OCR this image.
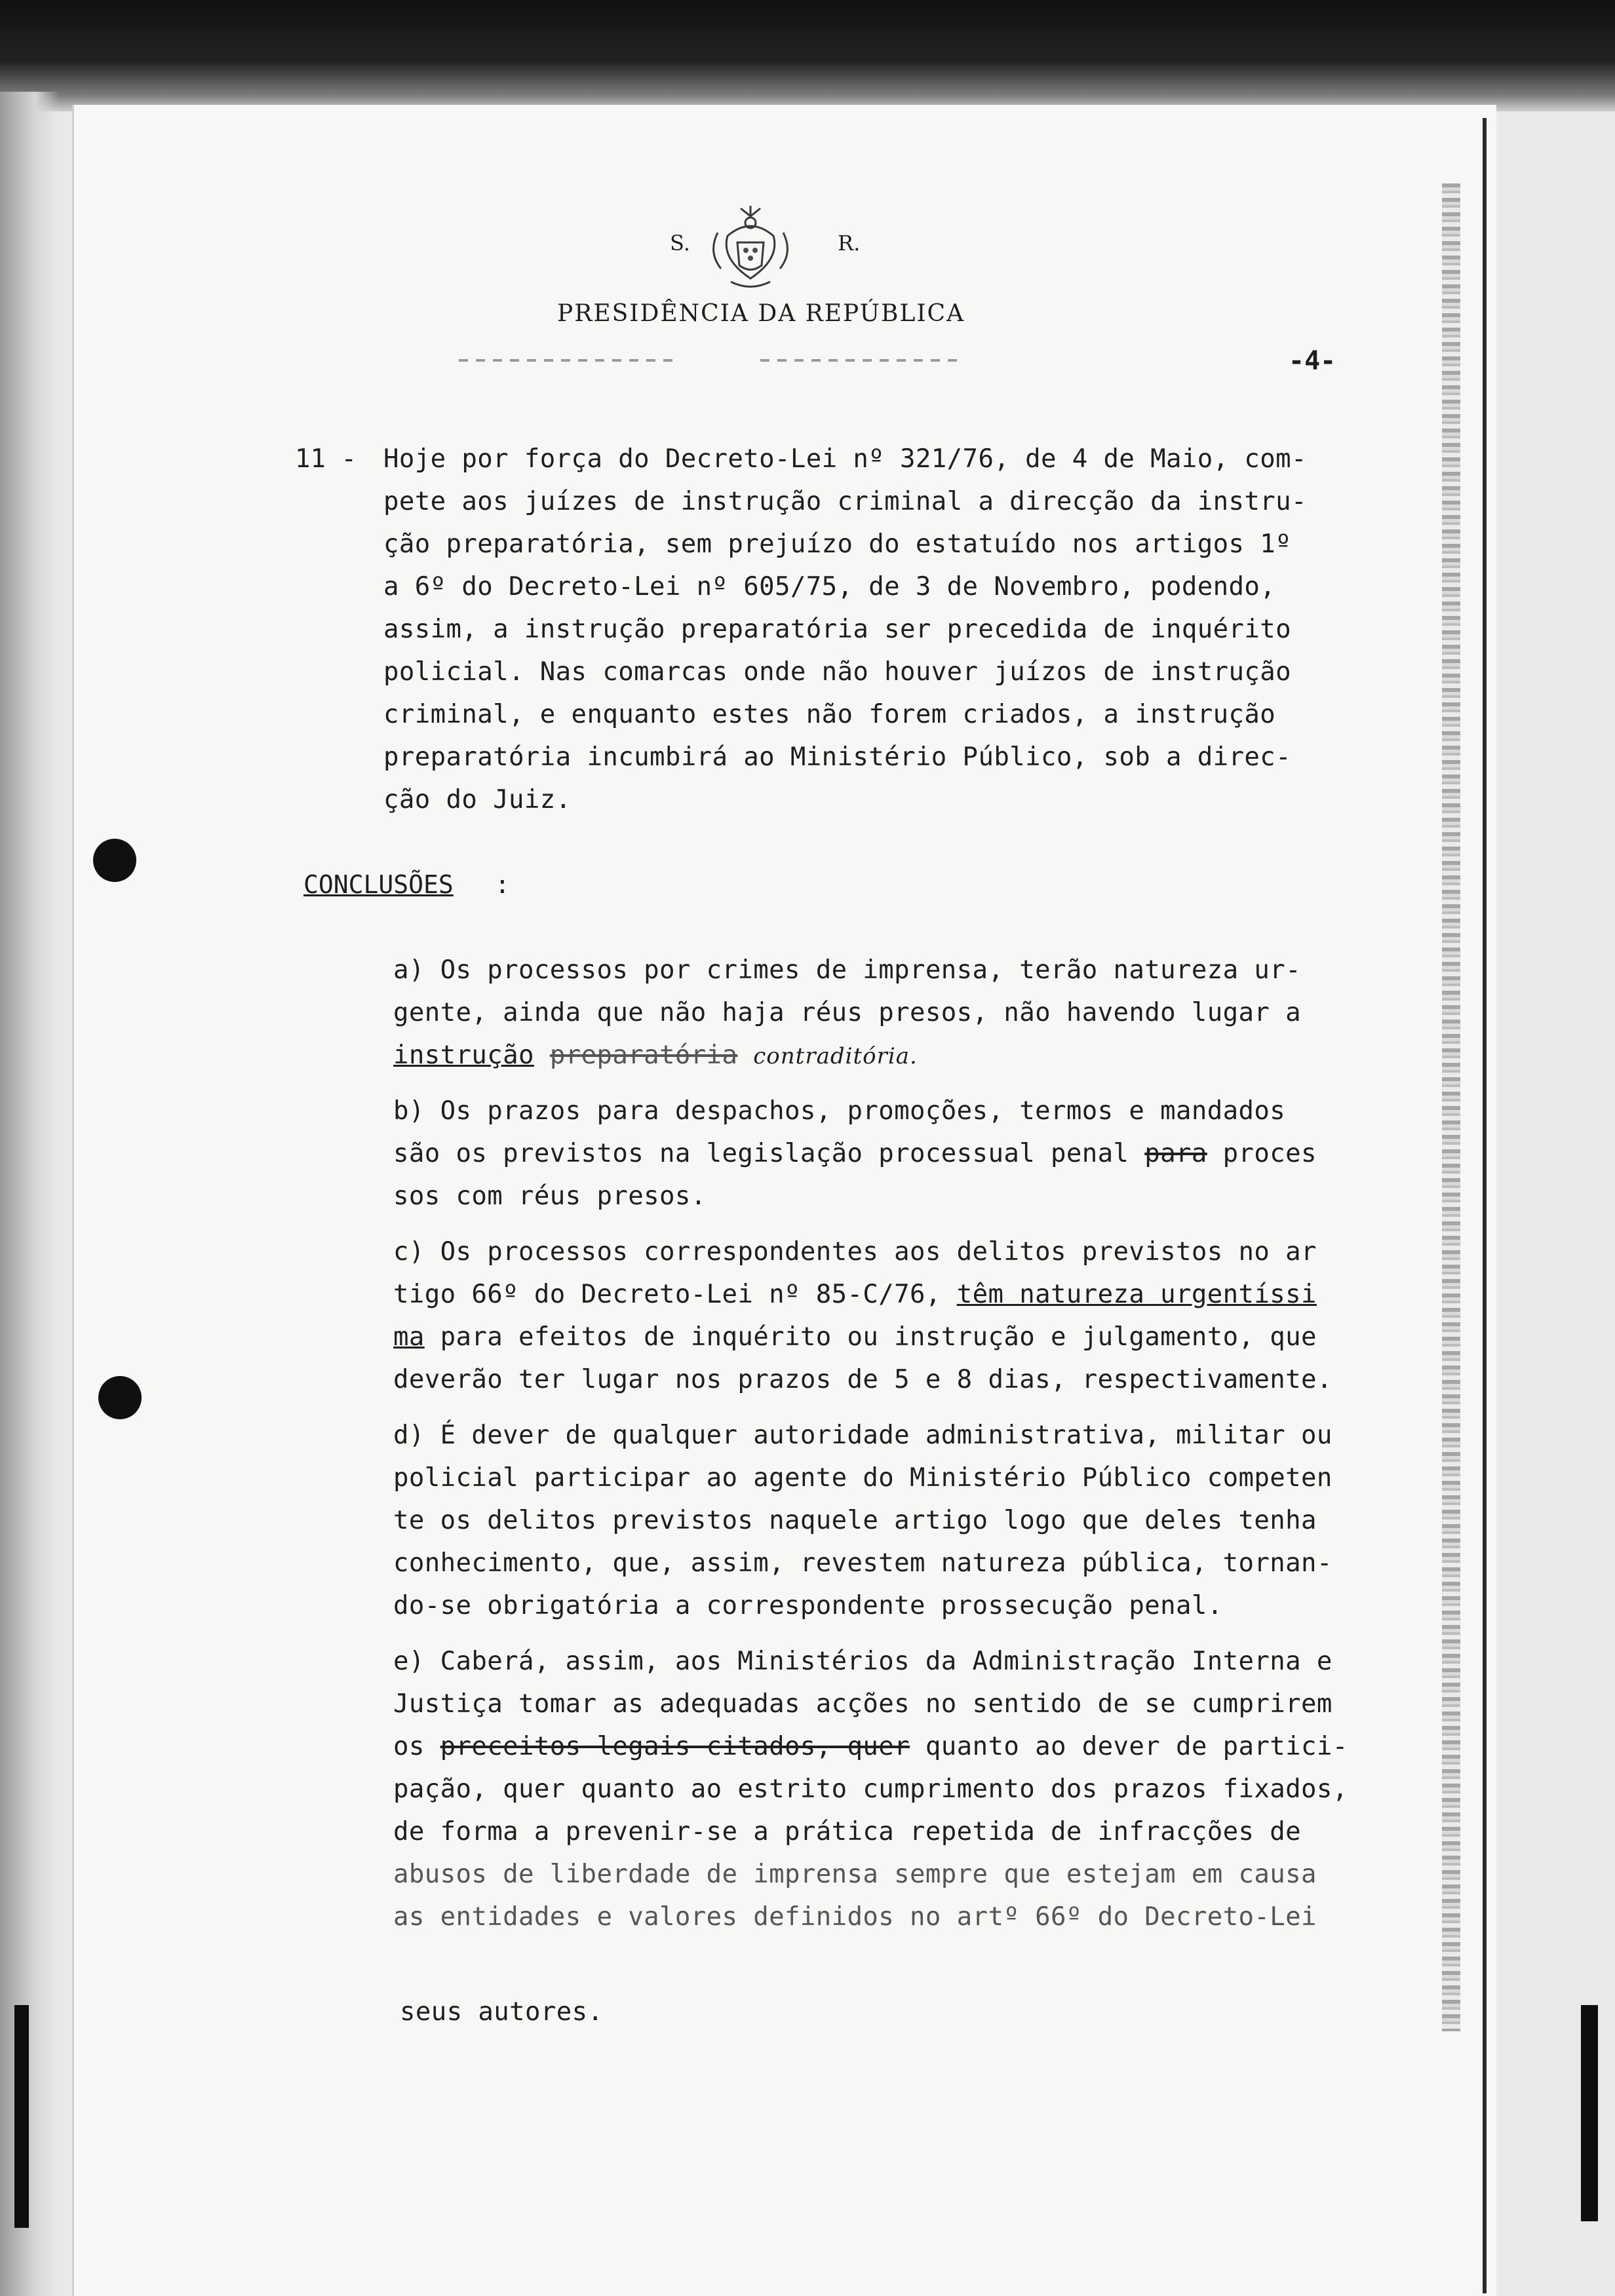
S.	R.
PRESIDÊNCIA DA REPÚBLICA
-4-
11 - Hoje por força do Decreto-Lei nº 321/76, de 4 de Maio, com-
pete aos juízes de instrução criminal a direcção da instru-
ção preparatória, sem prejuízo do estatuído nos artigos 1º
a 6º do Decreto-Lei nº 605/75, de 3 de Novembro, podendo,
assim, a instrução preparatória ser precedida de inquérito
policial. Nas comarcas onde não houver juízos de instrução
criminal, e enquanto estes não forem criados, a instrução
preparatória incumbirá ao Ministério Público, sob a direc-
ção do Juiz.
CONCLUSÕES :
a) Os processos por crimes de imprensa, terão natureza ur-
gente, ainda que não haja réus presos, não havendo lugar a
instrução preparatória contraditória.
b) Os prazos para despachos, promoções, termos e mandados
são os previstos na legislação processual penal para proces
sos com réus presos.
c) Os processos correspondentes aos delitos previstos no ar
tigo 66º do Decreto-Lei nº 85-C/76, têm natureza urgentíssi
ma para efeitos de inquérito ou instrução e julgamento, que
deverão ter lugar nos prazos de 5 e 8 dias, respectivamente.
d) É dever de qualquer autoridade administrativa, militar ou
policial participar ao agente do Ministério Público competen
te os delitos previstos naquele artigo logo que deles tenha
conhecimento, que, assim, revestem natureza pública, tornan-
do-se obrigatória a correspondente prossecução penal.
e) Caberá, assim, aos Ministérios da Administração Interna e
Justiça tomar as adequadas acções no sentido de se cumprirem
os preceitos legais citados, quer quanto ao dever de partici-
pação, quer quanto ao estrito cumprimento dos prazos fixados,
de forma a prevenir-se a prática repetida de infracções de
abusos de liberdade de imprensa sempre que estejam em causa
as entidades e valores definidos no artº 66º do Decreto-Lei
seus autores.
